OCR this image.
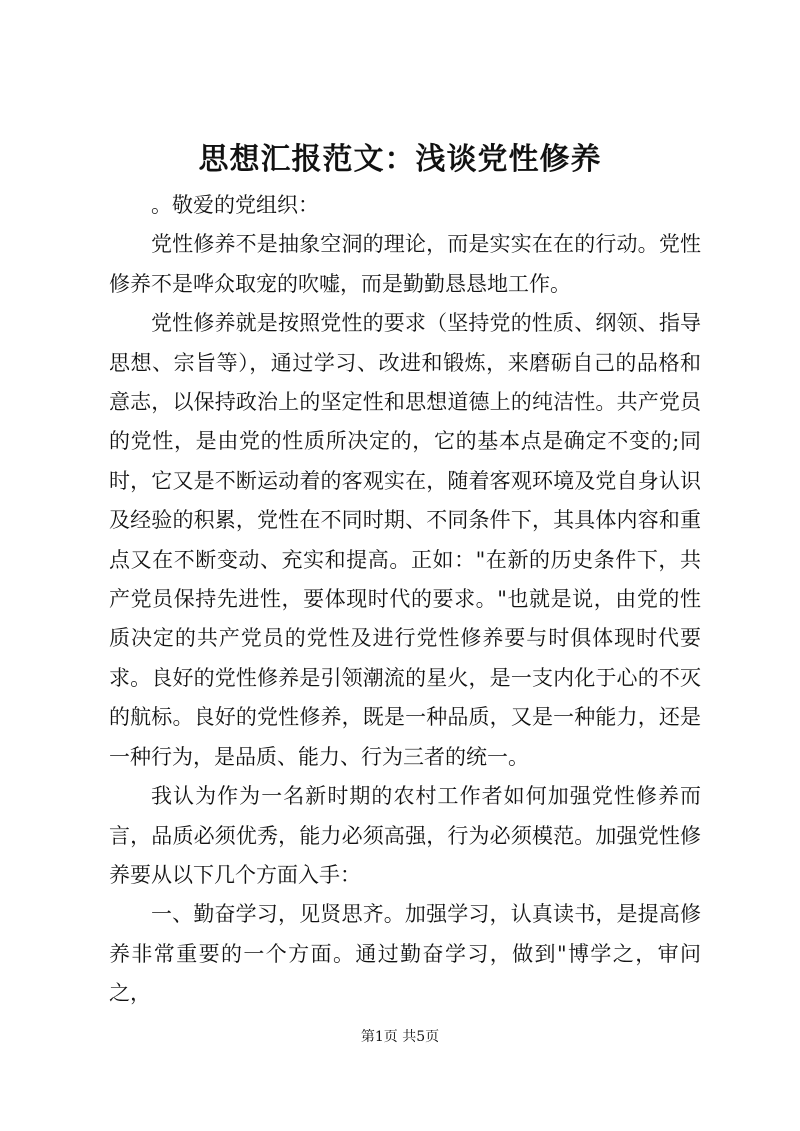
思想汇报范文：浅谈党性修养

。敬爱的党组织：

党性修养不是抽象空洞的理论，而是实实在在的行动。党性修养不是哗众取宠的吹嘘，而是勤勤恳恳地工作。

党性修养就是按照党性的要求（坚持党的性质、纲领、指导思想、宗旨等），通过学习、改进和锻炼，来磨砺自己的品格和意志，以保持政治上的坚定性和思想道德上的纯洁性。共产党员的党性，是由党的性质所决定的，它的基本点是确定不变的;同时，它又是不断运动着的客观实在，随着客观环境及党自身认识及经验的积累，党性在不同时期、不同条件下，其具体内容和重点又在不断变动、充实和提高。正如："在新的历史条件下，共产党员保持先进性，要体现时代的要求。"也就是说，由党的性质决定的共产党员的党性及进行党性修养要与时俱体现时代要求。良好的党性修养是引领潮流的星火，是一支内化于心的不灭的航标。良好的党性修养，既是一种品质，又是一种能力，还是一种行为，是品质、能力、行为三者的统一。

我认为作为一名新时期的农村工作者如何加强党性修养而言，品质必须优秀，能力必须高强，行为必须模范。加强党性修养要从以下几个方面入手：

一、勤奋学习，见贤思齐。加强学习，认真读书，是提高修养非常重要的一个方面。通过勤奋学习，做到"博学之，审问之，

第1页 共5页
